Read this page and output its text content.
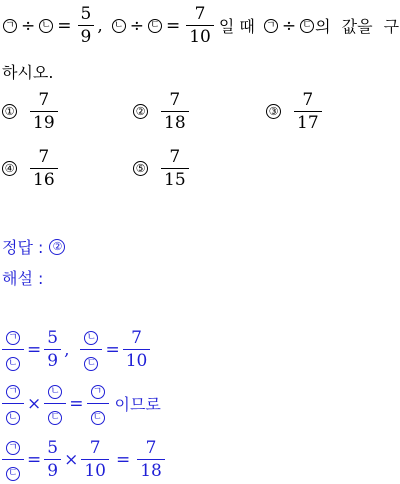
ㄱ ÷ ㄴ = $\frac{5}{9}$ , ㄴ ÷ ㄷ = $\frac{7}{10}$ 일 때 ㄱ ÷ ㄷ 의 값을 구
하시오.
① $\frac{7}{19}$	② $\frac{7}{18}$	③ $\frac{7}{17}$
④ $\frac{7}{16}$	⑤ $\frac{7}{15}$
정답 : ②
해설 :
$\frac{\text{ㄱ}}{\text{ㄴ}} = \frac{5}{9}$ , $\frac{\text{ㄴ}}{\text{ㄷ}} = \frac{7}{10}$
$\frac{\text{ㄱ}}{\text{ㄴ}} \times \frac{\text{ㄴ}}{\text{ㄷ}} = \frac{\text{ㄱ}}{\text{ㄷ}}$ 이므로
$\frac{\text{ㄱ}}{\text{ㄷ}} = \frac{5}{9} \times \frac{7}{10} = \frac{7}{18}$
